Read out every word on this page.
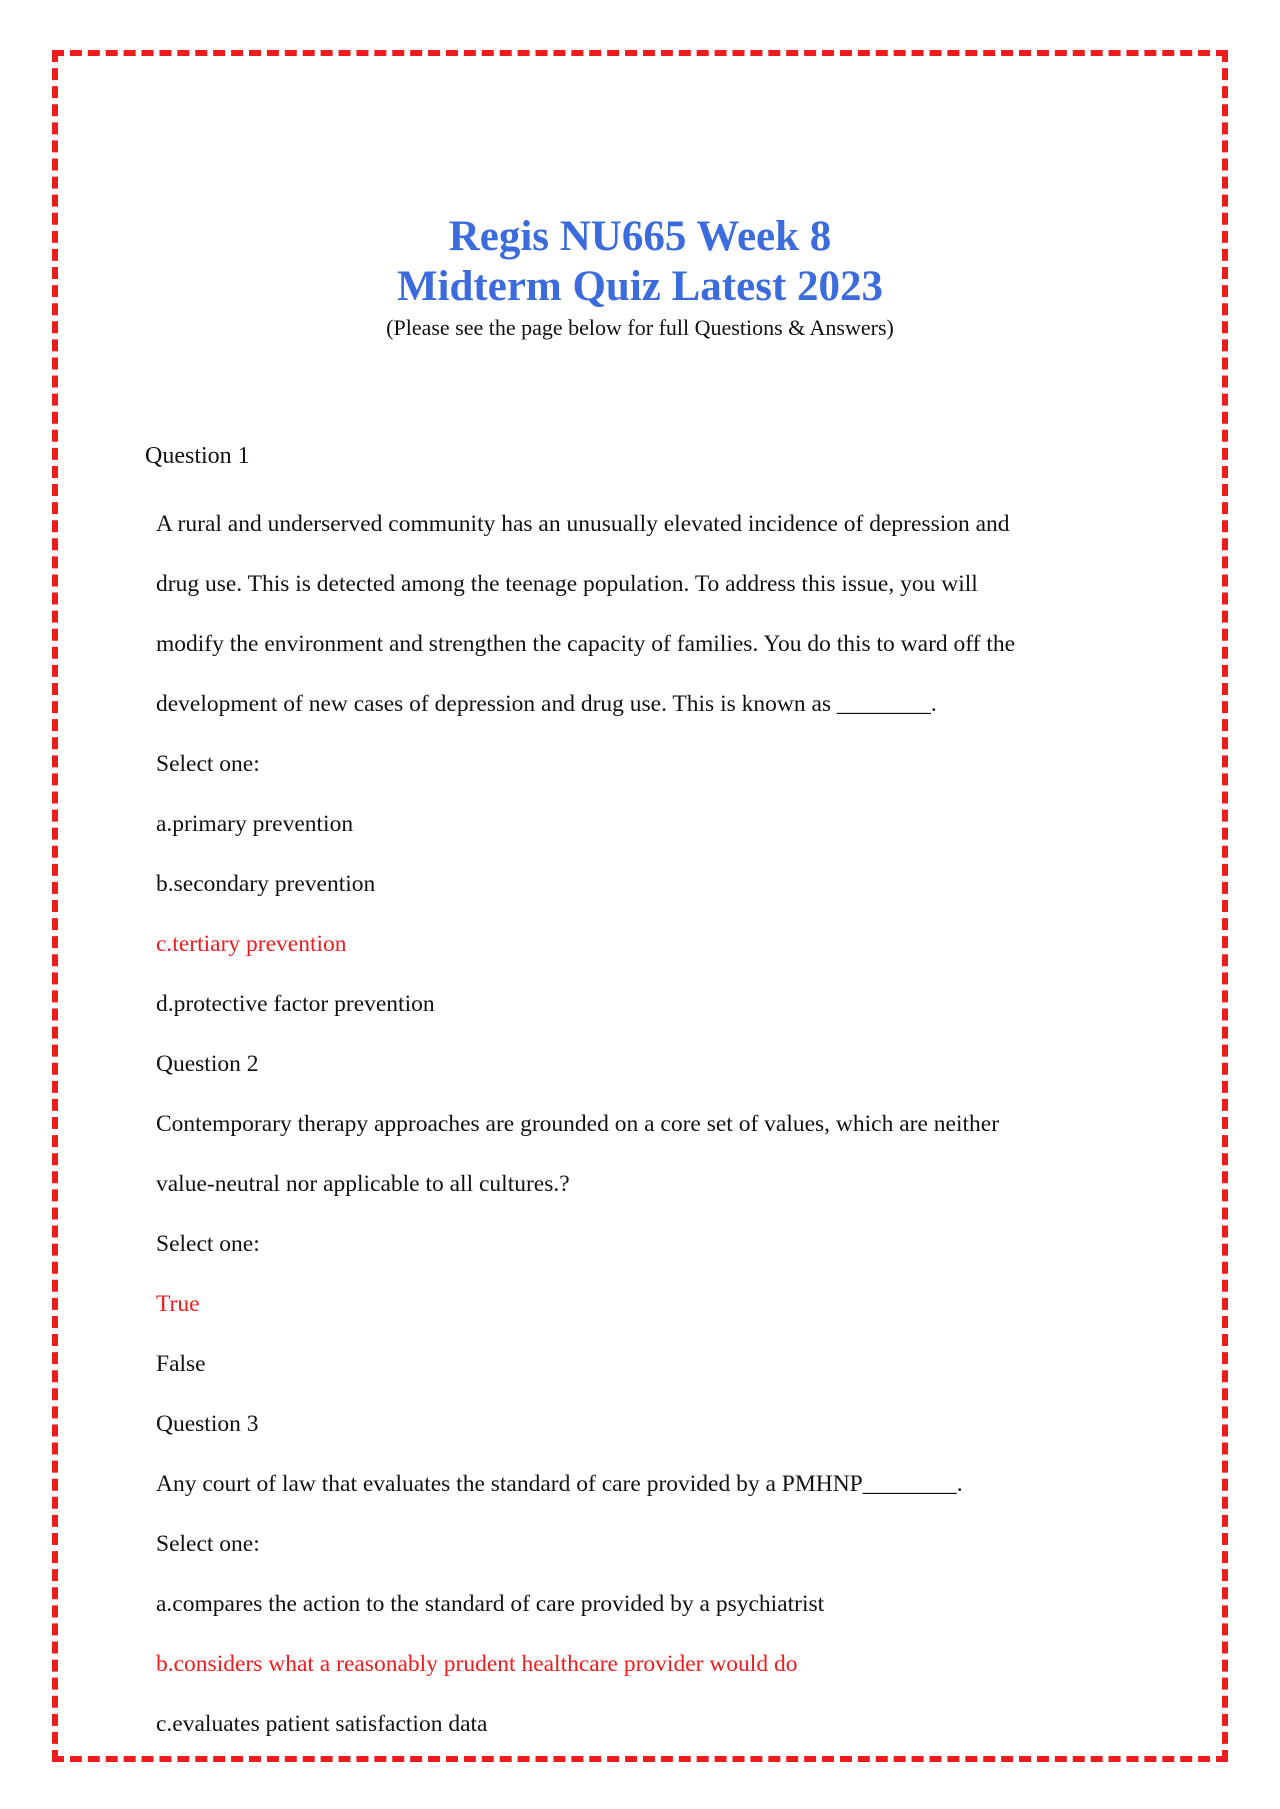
Regis NU665 Week 8
Midterm Quiz Latest 2023
(Please see the page below for full Questions & Answers)

Question 1

A rural and underserved community has an unusually elevated incidence of depression and

drug use. This is detected among the teenage population. To address this issue, you will

modify the environment and strengthen the capacity of families. You do this to ward off the

development of new cases of depression and drug use. This is known as ________.

Select one:

a.primary prevention

b.secondary prevention

c.tertiary prevention

d.protective factor prevention

Question 2

Contemporary therapy approaches are grounded on a core set of values, which are neither

value-neutral nor applicable to all cultures.?

Select one:

True

False

Question 3

Any court of law that evaluates the standard of care provided by a PMHNP________.

Select one:

a.compares the action to the standard of care provided by a psychiatrist

b.considers what a reasonably prudent healthcare provider would do

c.evaluates patient satisfaction data
